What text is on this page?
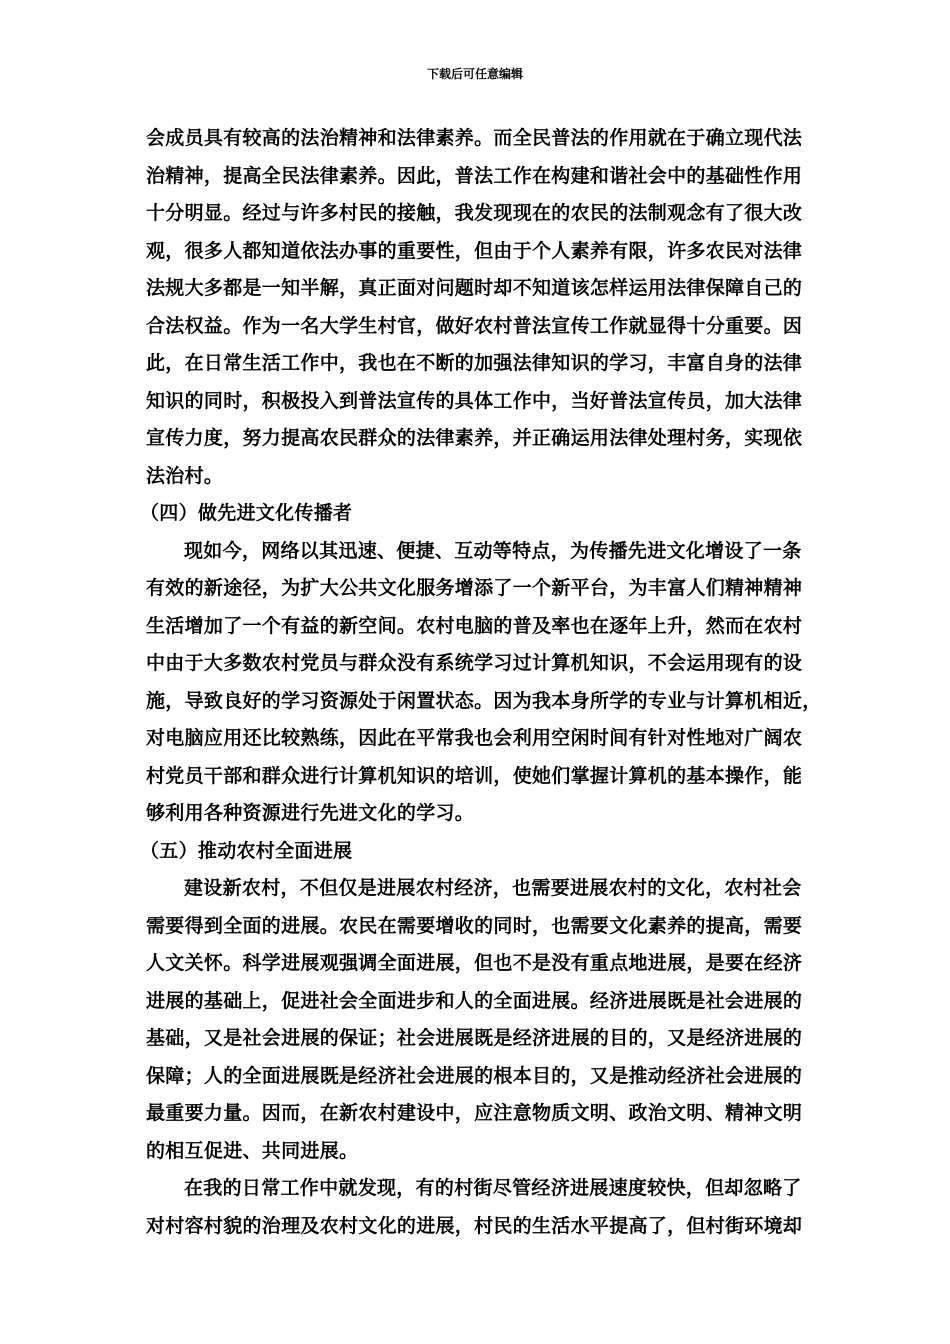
下载后可任意编辑
会成员具有较高的法治精神和法律素养。而全民普法的作用就在于确立现代法
治精神，提高全民法律素养。因此，普法工作在构建和谐社会中的基础性作用
十分明显。经过与许多村民的接触，我发现现在的农民的法制观念有了很大改
观，很多人都知道依法办事的重要性，但由于个人素养有限，许多农民对法律
法规大多都是一知半解，真正面对问题时却不知道该怎样运用法律保障自己的
合法权益。作为一名大学生村官，做好农村普法宣传工作就显得十分重要。因
此，在日常生活工作中，我也在不断的加强法律知识的学习，丰富自身的法律
知识的同时，积极投入到普法宣传的具体工作中，当好普法宣传员，加大法律
宣传力度，努力提高农民群众的法律素养，并正确运用法律处理村务，实现依
法治村。
（四）做先进文化传播者
现如今，网络以其迅速、便捷、互动等特点，为传播先进文化增设了一条
有效的新途径，为扩大公共文化服务增添了一个新平台，为丰富人们精神精神
生活增加了一个有益的新空间。农村电脑的普及率也在逐年上升，然而在农村
中由于大多数农村党员与群众没有系统学习过计算机知识，不会运用现有的设
施，导致良好的学习资源处于闲置状态。因为我本身所学的专业与计算机相近，
对电脑应用还比较熟练，因此在平常我也会利用空闲时间有针对性地对广阔农
村党员干部和群众进行计算机知识的培训，使她们掌握计算机的基本操作，能
够利用各种资源进行先进文化的学习。
（五）推动农村全面进展
建设新农村，不但仅是进展农村经济，也需要进展农村的文化，农村社会
需要得到全面的进展。农民在需要增收的同时，也需要文化素养的提高，需要
人文关怀。科学进展观强调全面进展，但也不是没有重点地进展，是要在经济
进展的基础上，促进社会全面进步和人的全面进展。经济进展既是社会进展的
基础，又是社会进展的保证；社会进展既是经济进展的目的，又是经济进展的
保障；人的全面进展既是经济社会进展的根本目的，又是推动经济社会进展的
最重要力量。因而，在新农村建设中，应注意物质文明、政治文明、精神文明
的相互促进、共同进展。
在我的日常工作中就发现，有的村街尽管经济进展速度较快，但却忽略了
对村容村貌的治理及农村文化的进展，村民的生活水平提高了，但村街环境却
